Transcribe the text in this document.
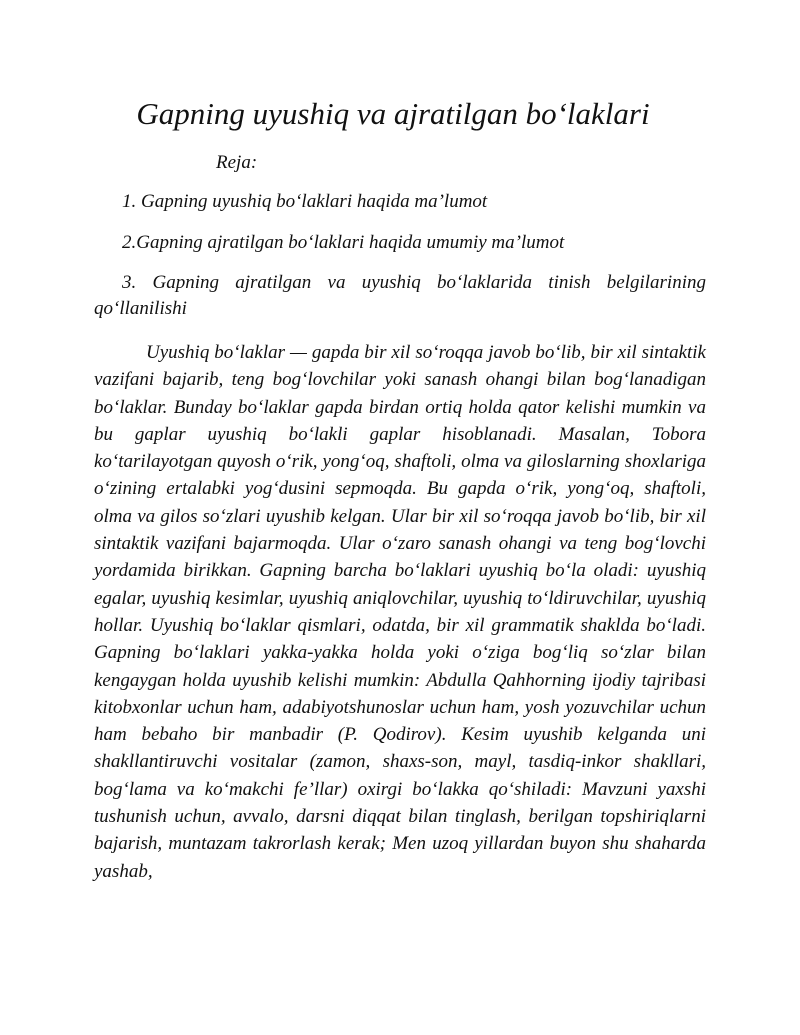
Gapning uyushiq va ajratilgan bo‘laklari

Reja:

1. Gapning uyushiq bo‘laklari haqida ma’lumot

2.Gapning ajratilgan bo‘laklari haqida umumiy ma’lumot

3. Gapning ajratilgan va uyushiq bo‘laklarida tinish belgilarining qo‘llanilishi

Uyushiq bo‘laklar — gapda bir xil so‘roqqa javob bo‘lib, bir xil sintaktik vazifani bajarib, teng bog‘lovchilar yoki sanash ohangi bilan bog‘lanadigan bo‘laklar. Bunday bo‘laklar gapda birdan ortiq holda qator kelishi mumkin va bu gaplar uyushiq bo‘lakli gaplar hisoblanadi. Masalan, Tobora ko‘tarilayotgan quyosh o‘rik, yong‘oq, shaftoli, olma va giloslarning shoxlariga o‘zining ertalabki yog‘dusini sepmoqda. Bu gapda o‘rik, yong‘oq, shaftoli, olma va gilos so‘zlari uyushib kelgan. Ular bir xil so‘roqqa javob bo‘lib, bir xil sintaktik vazifani bajarmoqda. Ular o‘zaro sanash ohangi va teng bog‘lovchi yordamida birikkan. Gapning barcha bo‘laklari uyushiq bo‘la oladi: uyushiq egalar, uyushiq kesimlar, uyushiq aniqlovchilar, uyushiq to‘ldiruvchilar, uyushiq hollar. Uyushiq bo‘laklar qismlari, odatda, bir xil grammatik shaklda bo‘ladi. Gapning bo‘laklari yakka-yakka holda yoki o‘ziga bog‘liq so‘zlar bilan kengaygan holda uyushib kelishi mumkin: Abdulla Qahhorning ijodiy tajribasi kitobxonlar uchun ham, adabiyotshunoslar uchun ham, yosh yozuvchilar uchun ham bebaho bir manbadir (P. Qodirov). Kesim uyushib kelganda uni shakllantiruvchi vositalar (zamon, shaxs-son, mayl, tasdiq-inkor shakllari, bog‘lama va ko‘makchi fe’llar) oxirgi bo‘lakka qo‘shiladi: Mavzuni yaxshi tushunish uchun, avvalo, darsni diqqat bilan tinglash, berilgan topshiriqlarni bajarish, muntazam takrorlash kerak; Men uzoq yillardan buyon shu shaharda yashab,
